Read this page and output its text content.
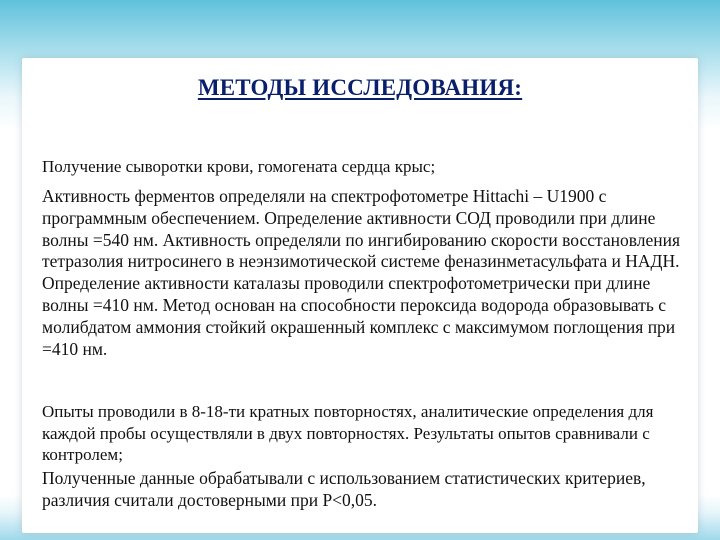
МЕТОДЫ ИССЛЕДОВАНИЯ:

Получение сыворотки крови, гомогената сердца крыс;

Активность ферментов определяли на спектрофотометре Hittachi – U1900 с программным обеспечением. Определение активности СОД проводили при длине волны =540 нм. Активность определяли по ингибированию скорости восстановления тетразолия нитросинего в неэнзимотической системе феназинметасульфата и НАДН. Определение активности каталазы проводили спектрофотометрически при длине волны =410 нм. Метод основан на способности пероксида водорода образовывать с молибдатом аммония стойкий окрашенный комплекс с максимумом поглощения при =410 нм.

Опыты проводили в 8-18-ти кратных повторностях, аналитические определения для каждой пробы осуществляли в двух повторностях. Результаты опытов сравнивали с контролем;

Полученные данные обрабатывали с использованием статистических критериев, различия считали достоверными при Р<0,05.
